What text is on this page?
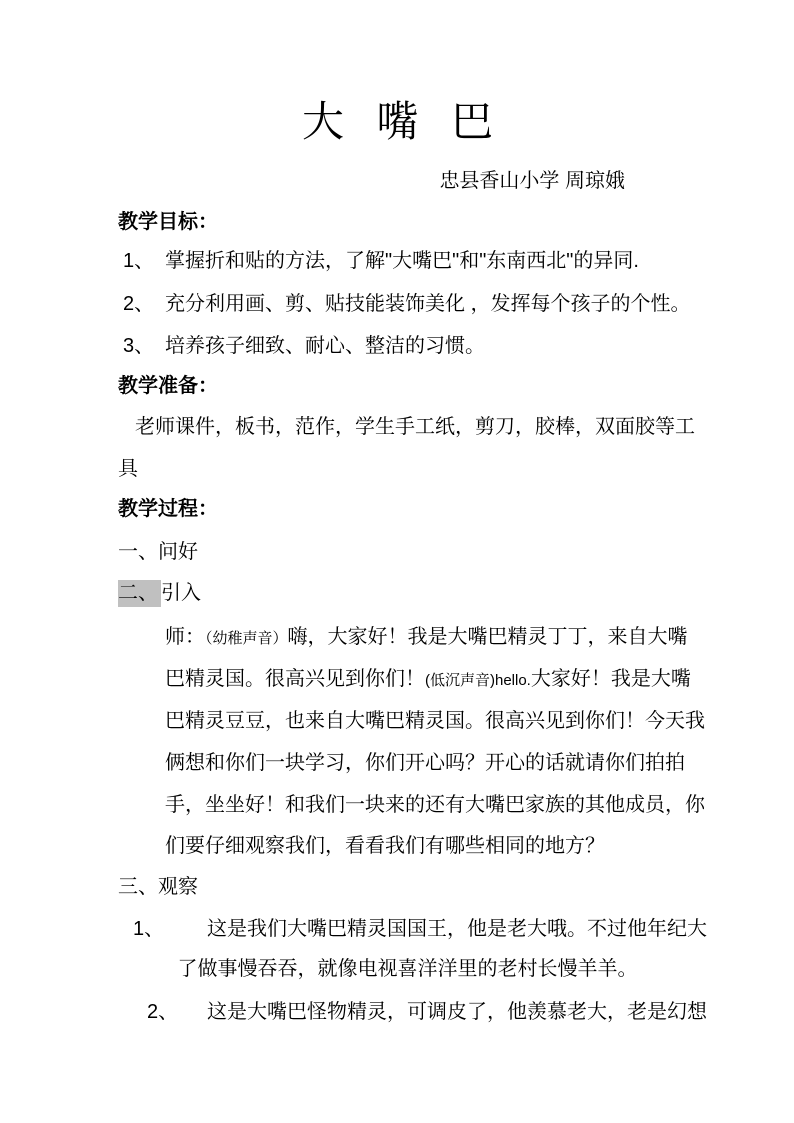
大 嘴 巴
忠县香山小学 周琼娥
教学目标：
1、 掌握折和贴的方法，了解"大嘴巴"和"东南西北"的异同.
2、 充分利用画、剪、贴技能装饰美化 ，发挥每个孩子的个性。
3、 培养孩子细致、耐心、整洁的习惯。
教学准备：
老师课件，板书，范作，学生手工纸，剪刀，胶棒，双面胶等工
具
教学过程：
一、问好
二、 引入
师：（幼稚声音）嗨，大家好！我是大嘴巴精灵丁丁，来自大嘴
巴精灵国。很高兴见到你们！(低沉声音)hello.大家好！我是大嘴
巴精灵豆豆，也来自大嘴巴精灵国。很高兴见到你们！今天我
俩想和你们一块学习，你们开心吗？开心的话就请你们拍拍
手，坐坐好！和我们一块来的还有大嘴巴家族的其他成员，你
们要仔细观察我们，看看我们有哪些相同的地方？
三、观察
1、 这是我们大嘴巴精灵国国王，他是老大哦。不过他年纪大
了做事慢吞吞，就像电视喜洋洋里的老村长慢羊羊。
2、 这是大嘴巴怪物精灵，可调皮了，他羡慕老大，老是幻想
